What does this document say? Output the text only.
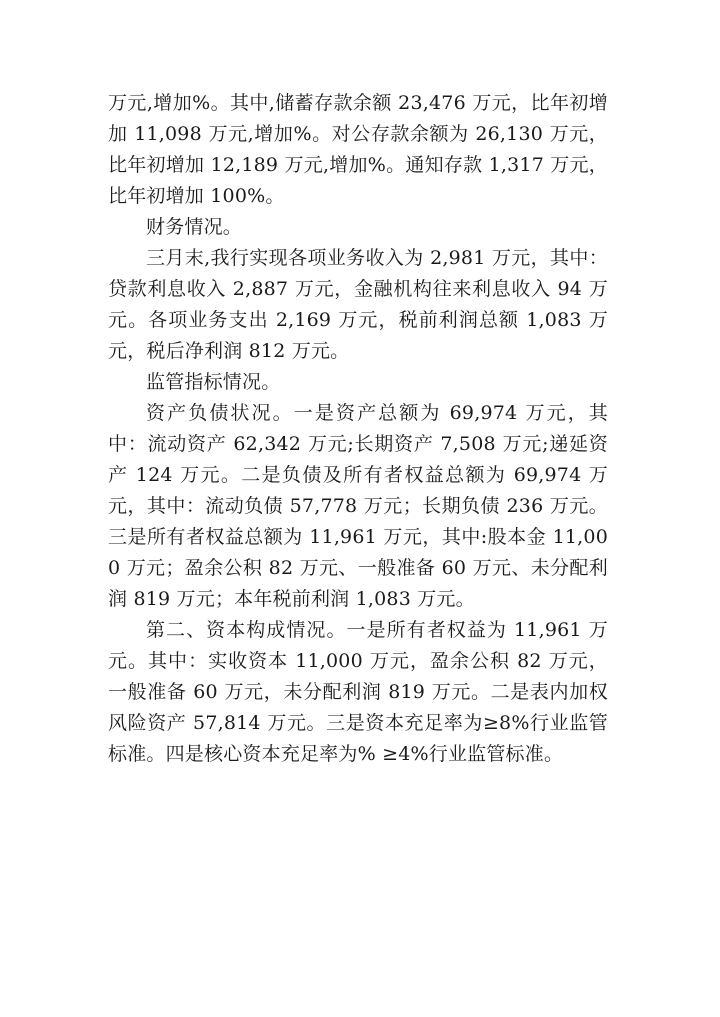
万元,增加%。其中,储蓄存款余额 23,476 万元，比年初增加 11,098 万元,增加%。对公存款余额为 26,130 万元，比年初增加 12,189 万元,增加%。通知存款 1,317 万元，比年初增加 100%。

财务情况。

三月末,我行实现各项业务收入为 2,981 万元，其中：贷款利息收入 2,887 万元，金融机构往来利息收入 94 万元。各项业务支出 2,169 万元，税前利润总额 1,083 万元，税后净利润 812 万元。

监管指标情况。

资产负债状况。一是资产总额为 69,974 万元，其中：流动资产 62,342 万元;长期资产 7,508 万元;递延资产 124 万元。二是负债及所有者权益总额为 69,974 万元，其中：流动负债 57,778 万元；长期负债 236 万元。三是所有者权益总额为 11,961 万元，其中:股本金 11,000 万元；盈余公积 82 万元、一般准备 60 万元、未分配利润 819 万元；本年税前利润 1,083 万元。

第二、资本构成情况。一是所有者权益为 11,961 万元。其中：实收资本 11,000 万元，盈余公积 82 万元，一般准备 60 万元，未分配利润 819 万元。二是表内加权风险资产 57,814 万元。三是资本充足率为≥8%行业监管标准。四是核心资本充足率为% ≥4%行业监管标准。
